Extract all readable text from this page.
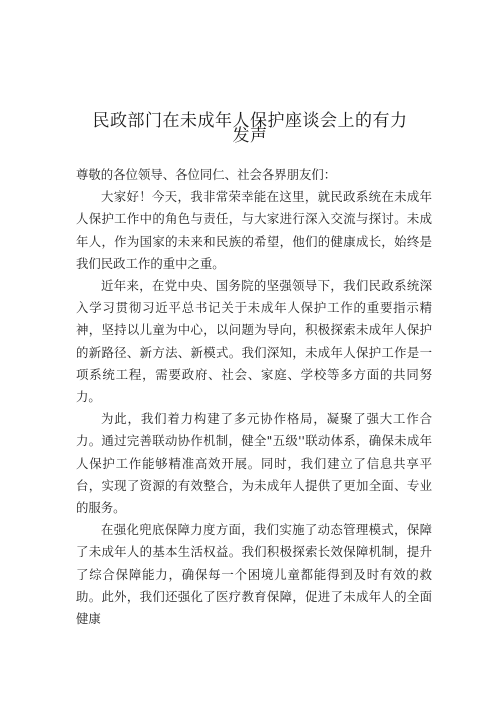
民政部门在未成年人保护座谈会上的有力
发声

尊敬的各位领导、各位同仁、社会各界朋友们：

大家好！今天，我非常荣幸能在这里，就民政系统在未成年人保护工作中的角色与责任，与大家进行深入交流与探讨。未成年人，作为国家的未来和民族的希望，他们的健康成长，始终是我们民政工作的重中之重。

近年来，在党中央、国务院的坚强领导下，我们民政系统深入学习贯彻习近平总书记关于未成年人保护工作的重要指示精神，坚持以儿童为中心，以问题为导向，积极探索未成年人保护的新路径、新方法、新模式。我们深知，未成年人保护工作是一项系统工程，需要政府、社会、家庭、学校等多方面的共同努力。

为此，我们着力构建了多元协作格局，凝聚了强大工作合力。通过完善联动协作机制，健全"五级''联动体系，确保未成年人保护工作能够精准高效开展。同时，我们建立了信息共享平台，实现了资源的有效整合，为未成年人提供了更加全面、专业的服务。

在强化兜底保障力度方面，我们实施了动态管理模式，保障了未成年人的基本生活权益。我们积极探索长效保障机制，提升了综合保障能力，确保每一个困境儿童都能得到及时有效的救助。此外，我们还强化了医疗教育保障，促进了未成年人的全面健康
